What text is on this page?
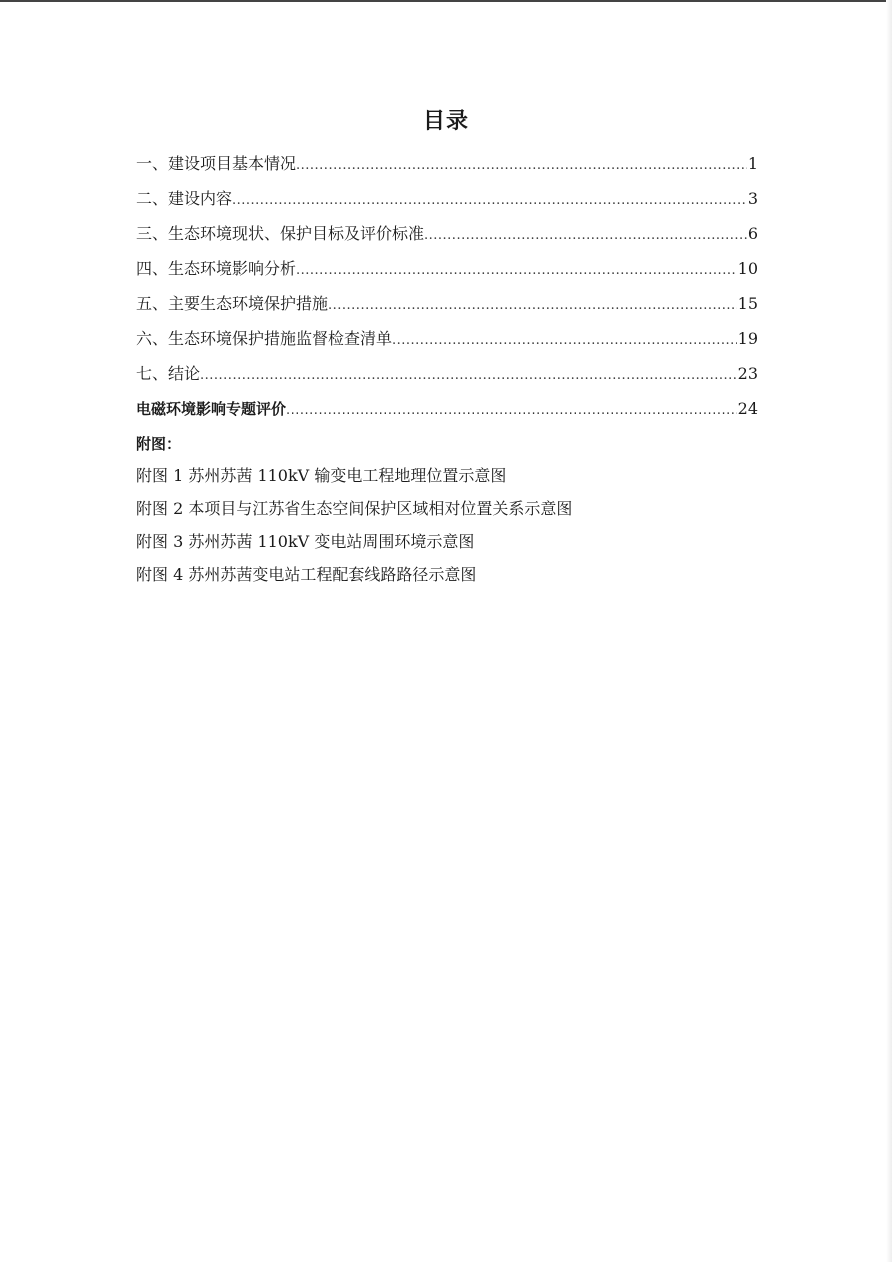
目录
一、建设项目基本情况 .....	1
二、建设内容 .....	3
三、生态环境现状、保护目标及评价标准 .....	6
四、生态环境影响分析 .....	10
五、主要生态环境保护措施 .....	15
六、生态环境保护措施监督检查清单 .....	19
七、结论 .....	23
电磁环境影响专题评价 .....	24
附图：
附图 1 苏州苏茜 110kV 输变电工程地理位置示意图
附图 2 本项目与江苏省生态空间保护区域相对位置关系示意图
附图 3 苏州苏茜 110kV 变电站周围环境示意图
附图 4 苏州苏茜变电站工程配套线路路径示意图
